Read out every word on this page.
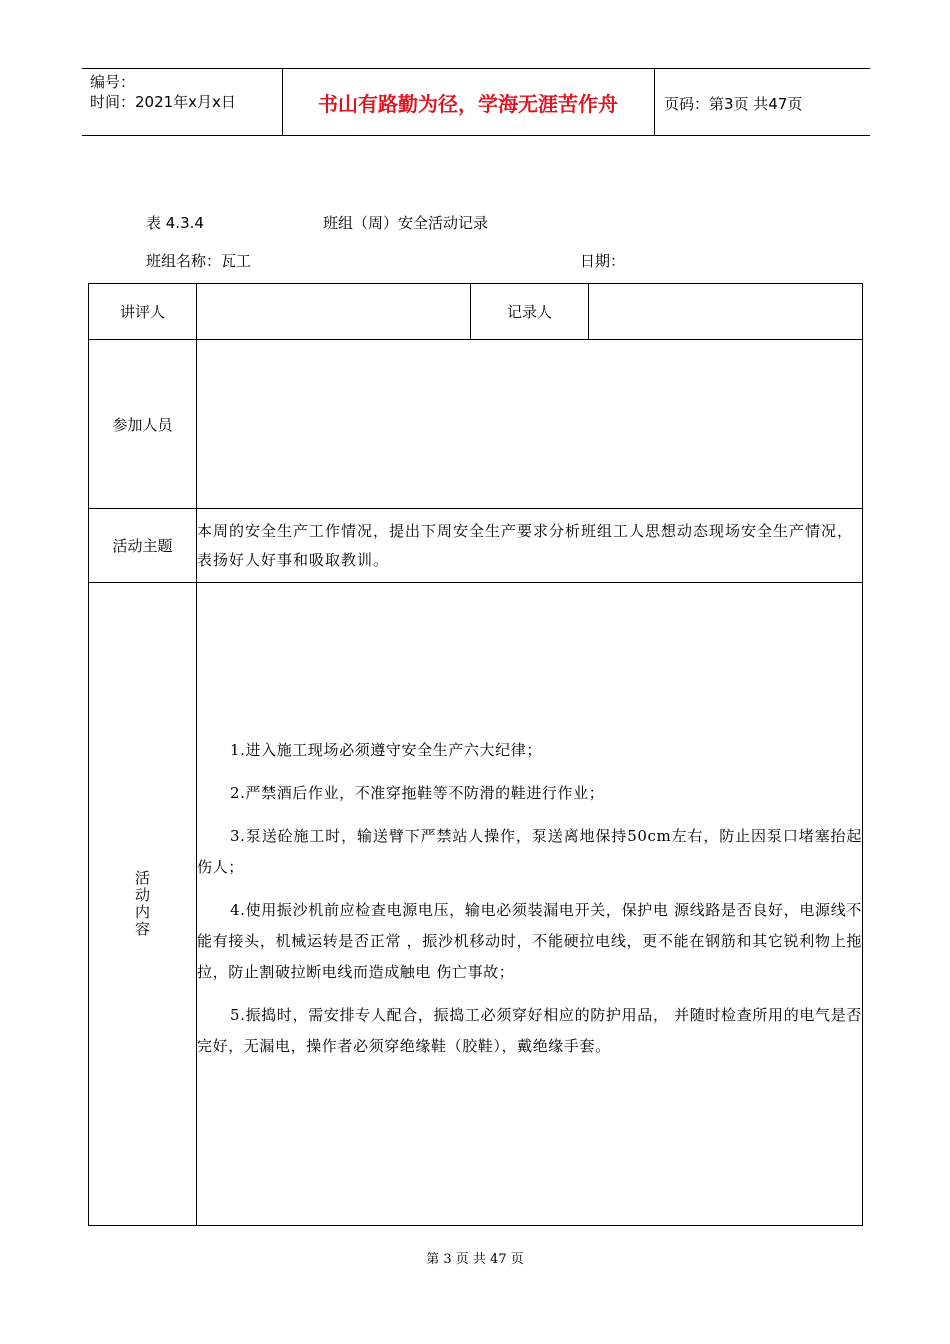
编号：
时间：2021年x月x日	书山有路勤为径，学海无涯苦作舟	页码：第3页 共47页
表 4.3.4	班组（周）安全活动记录
班组名称：瓦工	日期：
讲评人		记录人	
参加人员			
活动主题	本周的安全生产工作情况，提出下周安全生产要求分析班组工人思想动态现场安全生产情况，表扬好人好事和吸取教训。		
活动内容	1.进入施工现场必须遵守安全生产六大纪律；

2.严禁酒后作业，不准穿拖鞋等不防滑的鞋进行作业；

3.泵送砼施工时，输送臂下严禁站人操作，泵送离地保持50cm左右，防止因泵口堵塞抬起伤人；

4.使用振沙机前应检查电源电压，输电必须装漏电开关，保护电 源线路是否良好，电源线不能有接头，机械运转是否正常 ，振沙机移动时，不能硬拉电线，更不能在钢筋和其它锐利物上拖拉，防止割破拉断电线而造成触电 伤亡事故；

5.振捣时，需安排专人配合，振捣工必须穿好相应的防护用品， 并随时检查所用的电气是否完好，无漏电，操作者必须穿绝缘鞋（胶鞋），戴绝缘手套。		

第 3 页 共 47 页
